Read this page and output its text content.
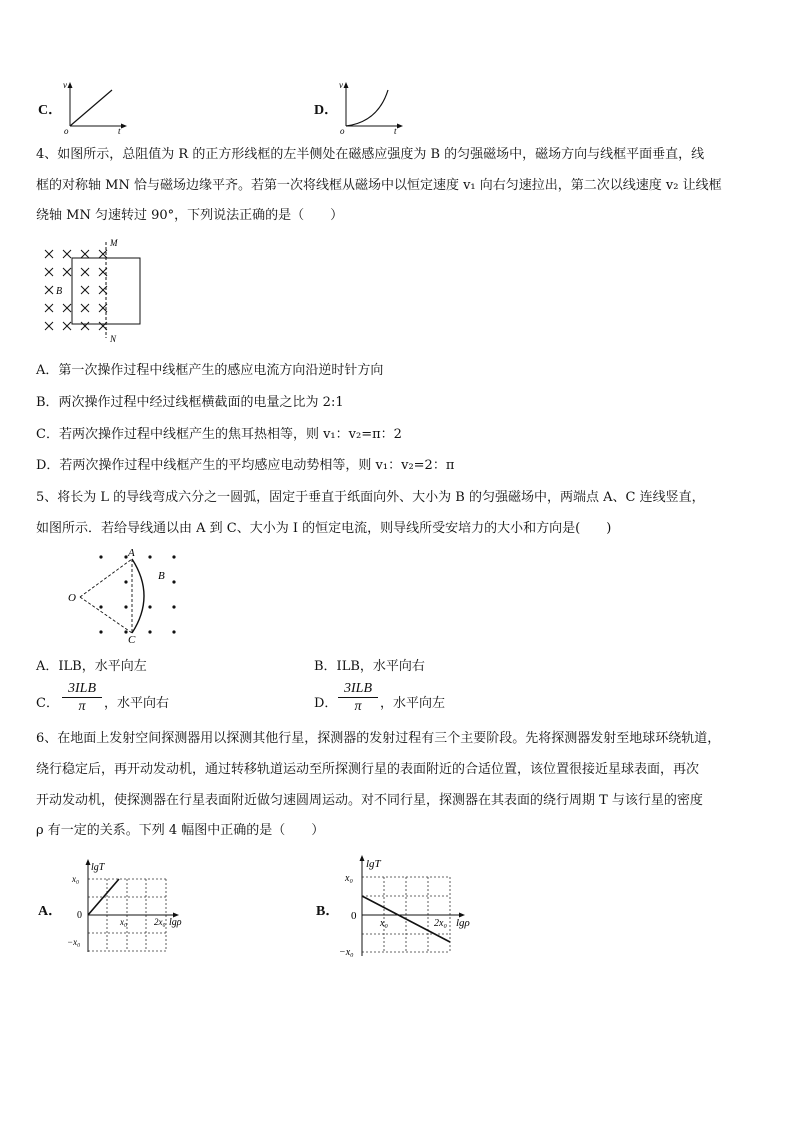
C．
v
o	t
D．
v
o	t
4、如图所示，总阻值为 R 的正方形线框的左半侧处在磁感应强度为 B 的匀强磁场中，磁场方向与线框平面垂直，线
框的对称轴 MN 恰与磁场边缘平齐。若第一次将线框从磁场中以恒定速度 v₁ 向右匀速拉出，第二次以线速度 v₂ 让线框
绕轴 MN 匀速转过 90°，下列说法正确的是（　　）
B
M
N
A．第一次操作过程中线框产生的感应电流方向沿逆时针方向
B．两次操作过程中经过线框横截面的电量之比为 2:1
C．若两次操作过程中线框产生的焦耳热相等，则 v₁：v₂=π：2
D．若两次操作过程中线框产生的平均感应电动势相等，则 v₁：v₂=2：π
5、将长为 L 的导线弯成六分之一圆弧，固定于垂直于纸面向外、大小为 B 的匀强磁场中，两端点 A、C 连线竖直，
如图所示．若给导线通以由 A 到 C、大小为 I 的恒定电流，则导线所受安培力的大小和方向是(　　)
A
B
C
O
A．ILB，水平向左	B．ILB，水平向右
C．
3ILB
π	，水平向右	D．
3ILB
π	，水平向左
6、在地面上发射空间探测器用以探测其他行星，探测器的发射过程有三个主要阶段。先将探测器发射至地球环绕轨道，
绕行稳定后，再开动发动机，通过转移轨道运动至所探测行星的表面附近的合适位置，该位置很接近星球表面，再次
开动发动机，使探测器在行星表面附近做匀速圆周运动。对不同行星，探测器在其表面的绕行周期 T 与该行星的密度
ρ 有一定的关系。下列 4 幅图中正确的是（　　）
A．
lgT
x₀
0
−x₀
x₀	2x₀ lgρ
B．
lgT
x₀
0
−x₀
x₀	2x₀ lgρ
